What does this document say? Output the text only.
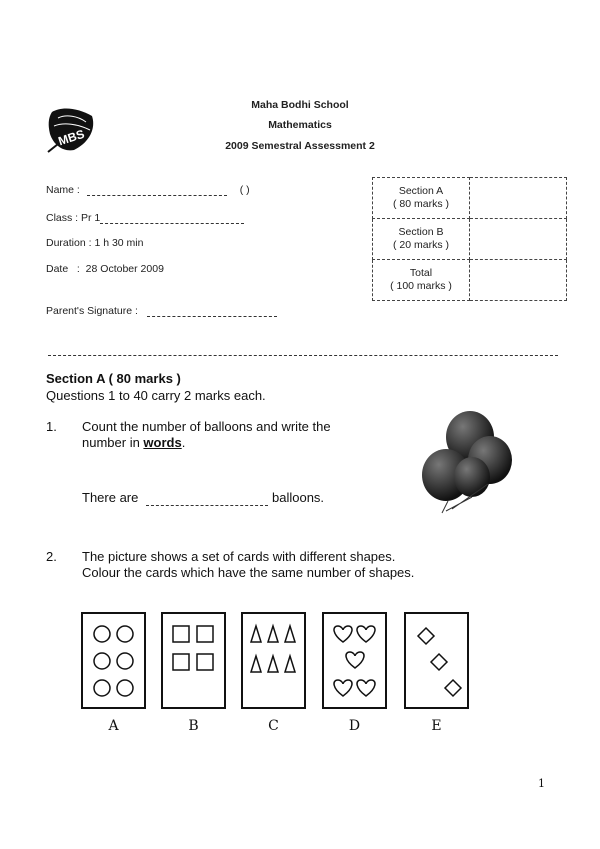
MBS
Maha Bodhi School
Mathematics
2009 Semestral Assessment 2
Name :	( )
Class : Pr 1
Duration : 1 h 30 min
Date   :  28 October 2009
Parent's Signature :
Section A
( 80 marks )	
Section B
( 20 marks )	
Total
( 100 marks )	
Section A ( 80 marks )
Questions 1 to 40 carry 2 marks each.
1. Count the number of balloons and write the
number in words.
There are	balloons.
2. The picture shows a set of cards with different shapes.
Colour the cards which have the same number of shapes.
A	B	C	D	E
1
